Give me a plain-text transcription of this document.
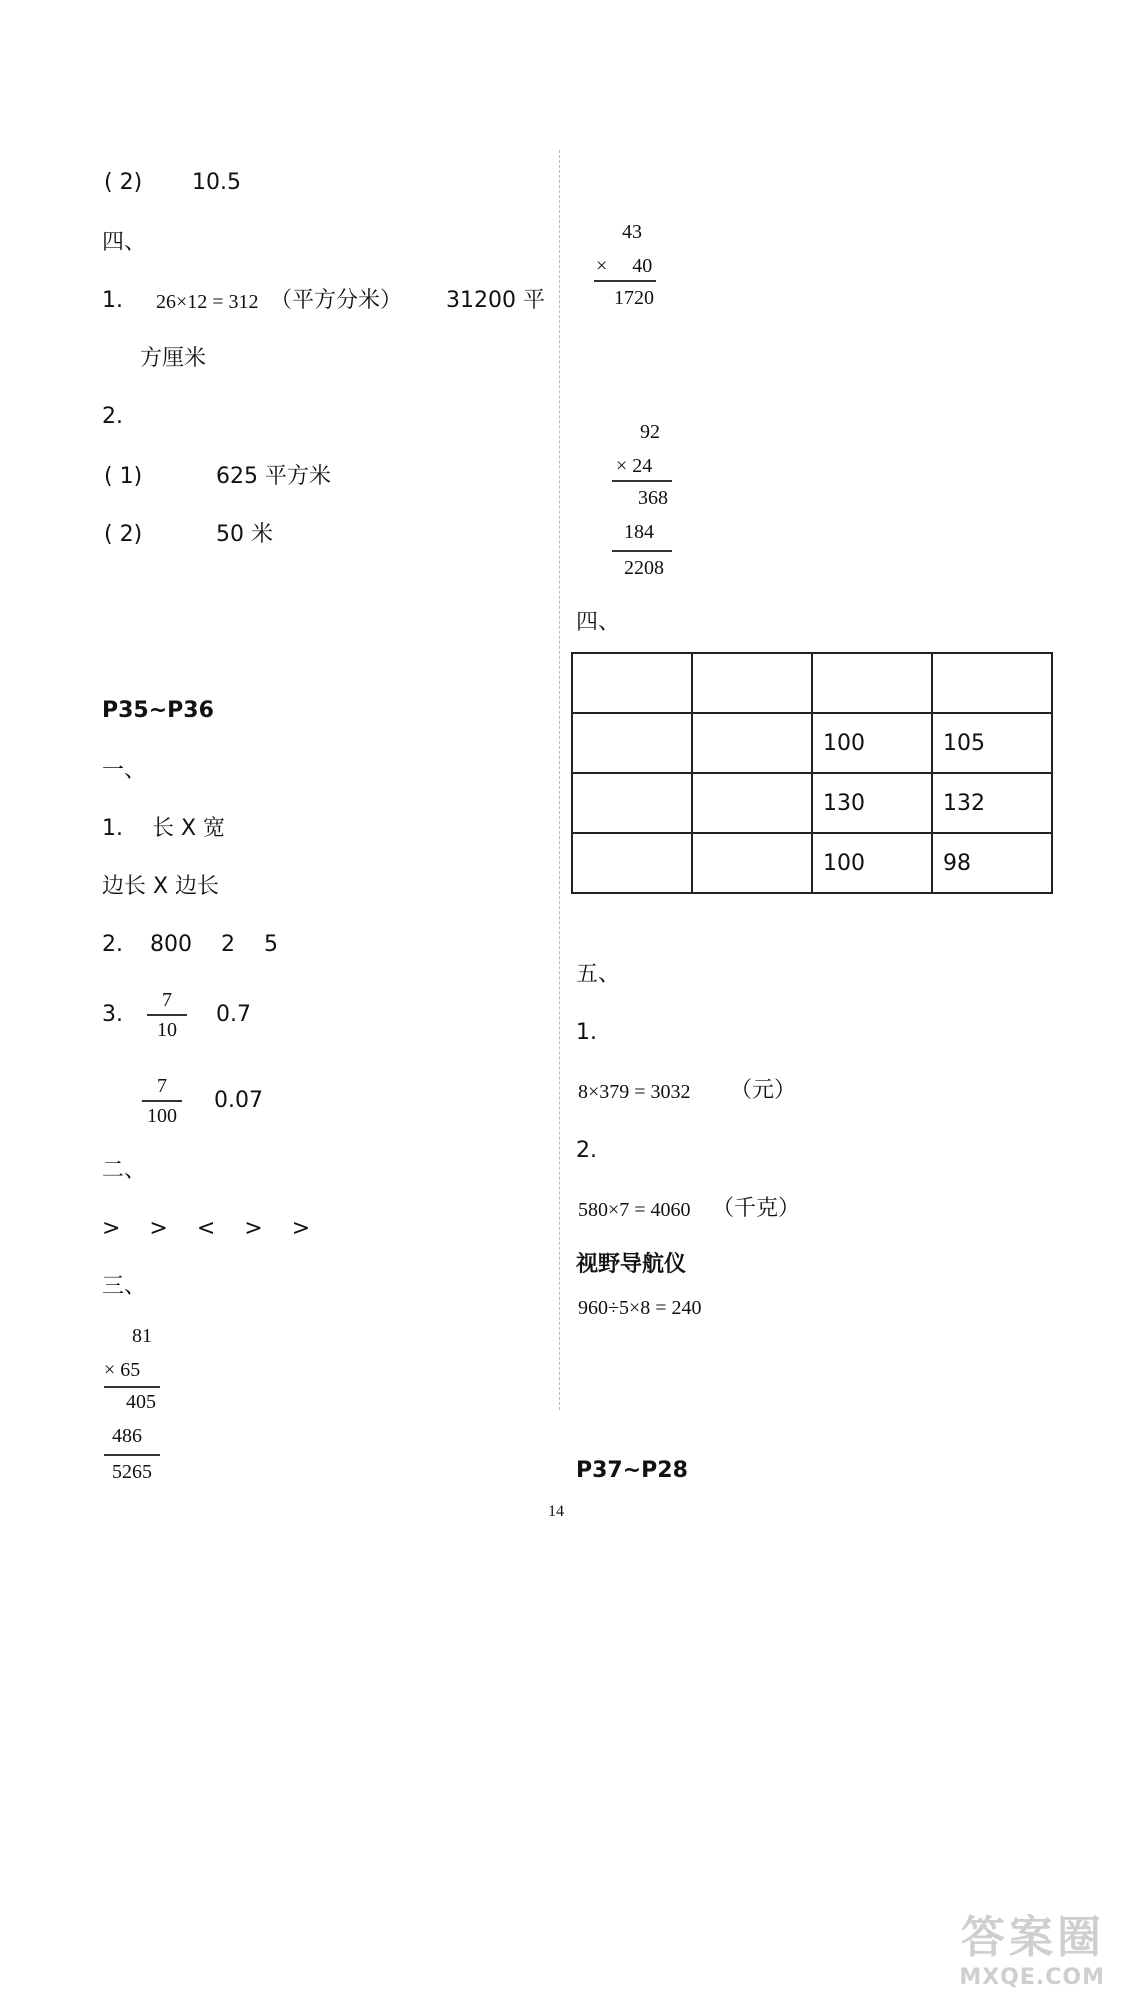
( 2) 10.5
四、
1. 26×12 = 312 （平方分米） 31200 平
方厘米
2.
( 1)	625 平方米
( 2)	50 米
P35~P36
一、
1. 长 X 宽
边长 X 边长
2. 800　 2　 5
3.
7
10
0.7
7
100
0.07
二、
>　 >　 <　 >　 >
三、
81
× 65
405
486
5265
43
×　 40
1720
92
× 24
368
184
2208
四、

		100	105
		130	132
		100	98
五、
1.
8×379 = 3032 （元）
2.
580×7 = 4060 （千克）
视野导航仪
960÷5×8 = 240
P37~P28
14
答案圈
MXQE.COM
